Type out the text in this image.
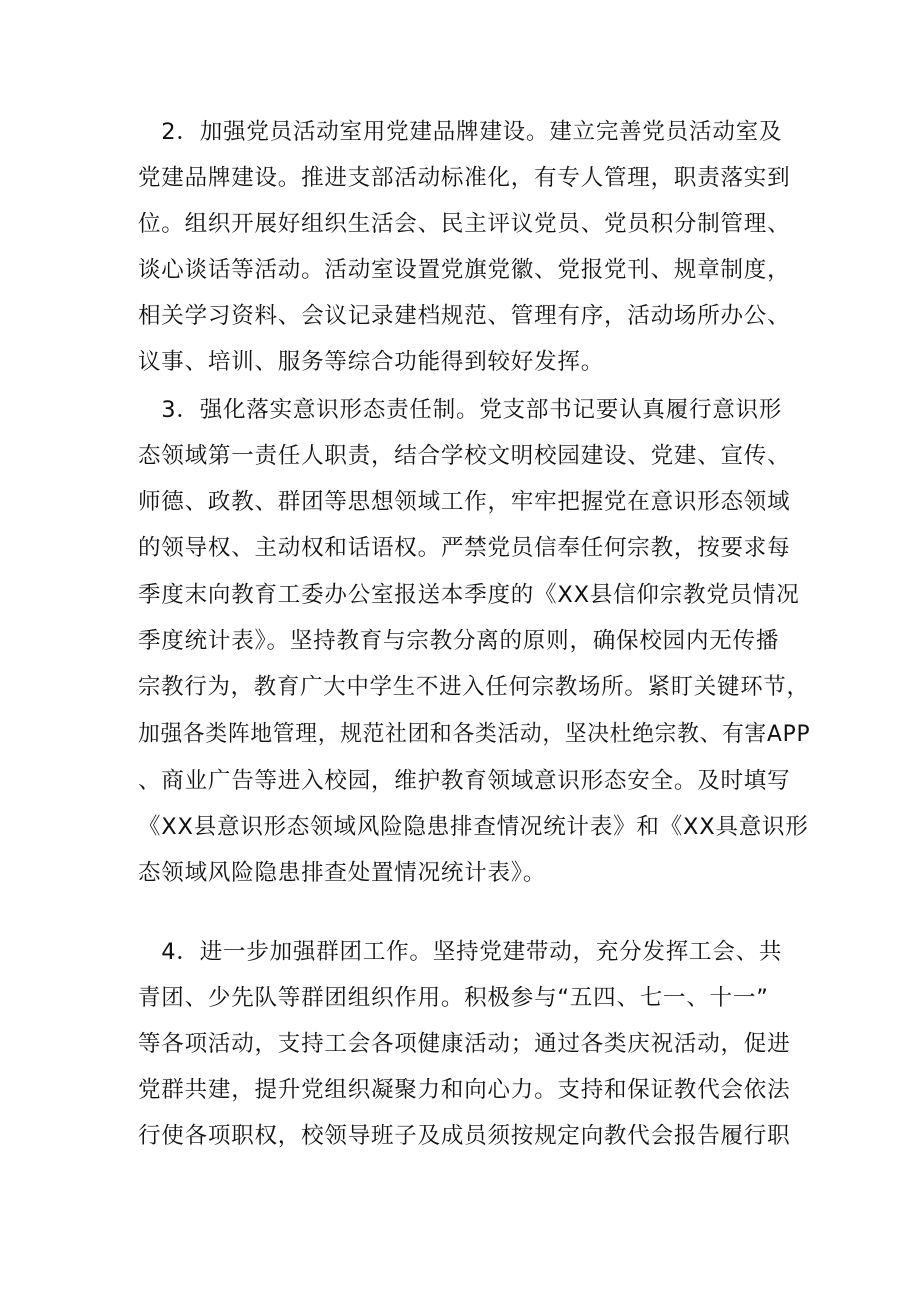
　2．加强党员活动室用党建品牌建设。建立完善党员活动室及
党建品牌建设。推进支部活动标准化，有专人管理，职责落实到
位。组织开展好组织生活会、民主评议党员、党员积分制管理、
谈心谈话等活动。活动室设置党旗党徽、党报党刊、规章制度，
相关学习资料、会议记录建档规范、管理有序，活动场所办公、
议事、培训、服务等综合功能得到较好发挥。
　3．强化落实意识形态责任制。党支部书记要认真履行意识形
态领域第一责任人职责，结合学校文明校园建设、党建、宣传、
师德、政教、群团等思想领域工作，牢牢把握党在意识形态领域
的领导权、主动权和话语权。严禁党员信奉任何宗教，按要求每
季度末向教育工委办公室报送本季度的《XX县信仰宗教党员情况
季度统计表》。坚持教育与宗教分离的原则，确保校园内无传播
宗教行为，教育广大中学生不进入任何宗教场所。紧盯关键环节，
加强各类阵地管理，规范社团和各类活动，坚决杜绝宗教、有害APP
、商业广告等进入校园，维护教育领域意识形态安全。及时填写
《XX县意识形态领域风险隐患排查情况统计表》和《XX具意识形
态领域风险隐患排查处置情况统计表》。
　4．进一步加强群团工作。坚持党建带动，充分发挥工会、共
青团、少先队等群团组织作用。积极参与“五四、七一、十一”
等各项活动，支持工会各项健康活动；通过各类庆祝活动，促进
党群共建，提升党组织凝聚力和向心力。支持和保证教代会依法
行使各项职权，校领导班子及成员须按规定向教代会报告履行职
